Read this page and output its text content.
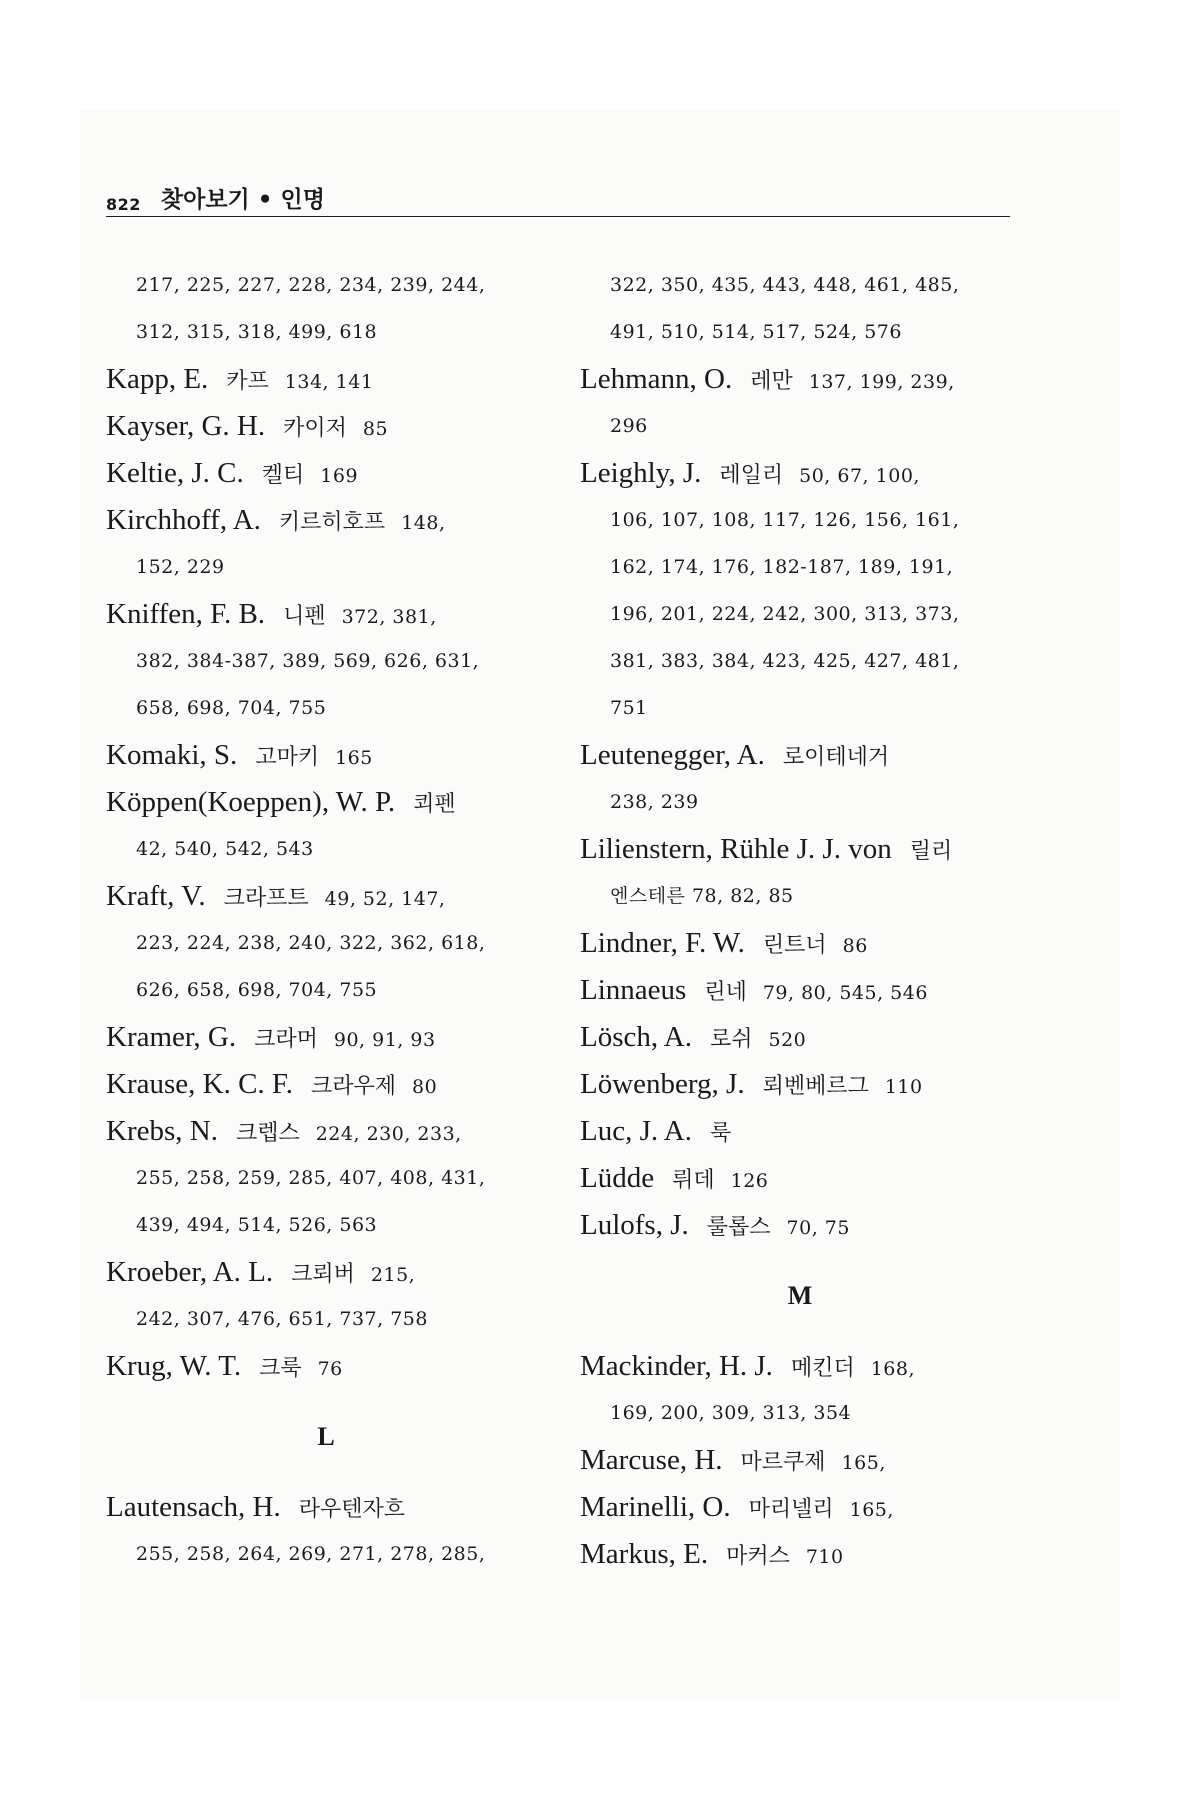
822 찾아보기 • 인명
217, 225, 227, 228, 234, 239, 244,
312, 315, 318, 499, 618
Kapp, E. 카프 134, 141
Kayser, G. H. 카이저 85
Keltie, J. C. 켈티 169
Kirchhoff, A. 키르히호프 148,
152, 229
Kniffen, F. B. 니펜 372, 381,
382, 384-387, 389, 569, 626, 631,
658, 698, 704, 755
Komaki, S. 고마키 165
Köppen(Koeppen), W. P. 쾨펜
42, 540, 542, 543
Kraft, V. 크라프트 49, 52, 147,
223, 224, 238, 240, 322, 362, 618,
626, 658, 698, 704, 755
Kramer, G. 크라머 90, 91, 93
Krause, K. C. F. 크라우제 80
Krebs, N. 크렙스 224, 230, 233,
255, 258, 259, 285, 407, 408, 431,
439, 494, 514, 526, 563
Kroeber, A. L. 크뢰버 215,
242, 307, 476, 651, 737, 758
Krug, W. T. 크룩 76
L
Lautensach, H. 라우텐자흐
255, 258, 264, 269, 271, 278, 285,
322, 350, 435, 443, 448, 461, 485,
491, 510, 514, 517, 524, 576
Lehmann, O. 레만 137, 199, 239,
296
Leighly, J. 레일리 50, 67, 100,
106, 107, 108, 117, 126, 156, 161,
162, 174, 176, 182-187, 189, 191,
196, 201, 224, 242, 300, 313, 373,
381, 383, 384, 423, 425, 427, 481,
751
Leutenegger, A. 로이테네거
238, 239
Lilienstern, Rühle J. J. von 릴리
엔스테른 78, 82, 85
Lindner, F. W. 린트너 86
Linnaeus 린네 79, 80, 545, 546
Lösch, A. 로쉬 520
Löwenberg, J. 뢰벤베르그 110
Luc, J. A. 룩
Lüdde 뤼데 126
Lulofs, J. 룰롭스 70, 75
M
Mackinder, H. J. 메킨더 168,
169, 200, 309, 313, 354
Marcuse, H. 마르쿠제 165,
Marinelli, O. 마리넬리 165,
Markus, E. 마커스 710
